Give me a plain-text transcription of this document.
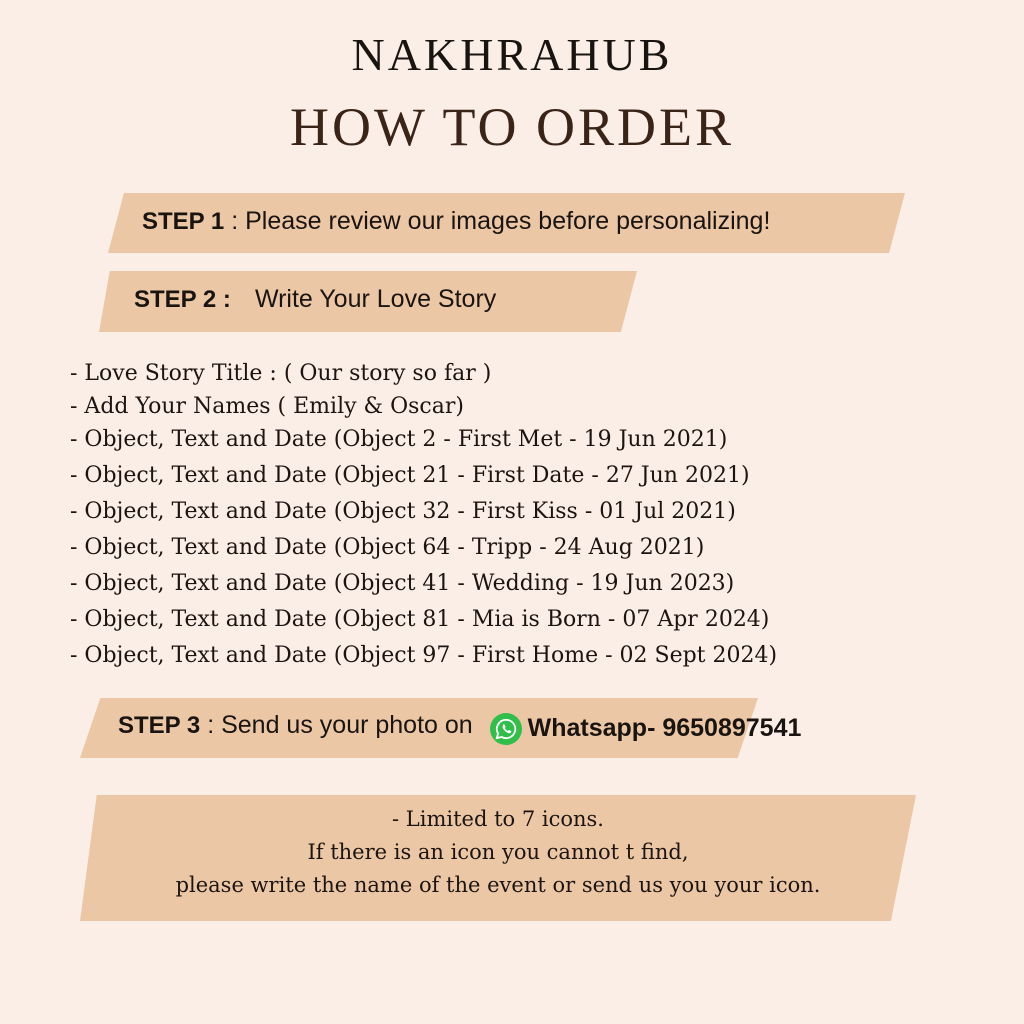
NAKHRAHUB
HOW TO ORDER
STEP 1 : Please review our images before personalizing!
STEP 2 : Write Your Love Story
- Love Story Title : ( Our story so far )
- Add Your Names ( Emily & Oscar)
- Object, Text and Date (Object 2 - First Met - 19 Jun 2021)
- Object, Text and Date (Object 21 - First Date - 27 Jun 2021)
- Object, Text and Date (Object 32 - First Kiss - 01 Jul 2021)
- Object, Text and Date (Object 64 - Tripp - 24 Aug 2021)
- Object, Text and Date (Object 41 - Wedding - 19 Jun 2023)
- Object, Text and Date (Object 81 - Mia is Born - 07 Apr 2024)
- Object, Text and Date (Object 97 - First Home - 02 Sept 2024)
STEP 3 : Send us your photo on Whatsapp - 9650897541
- Limited to 7 icons.
If there is an icon you cannot t find,
please write the name of the event or send us you your icon.
